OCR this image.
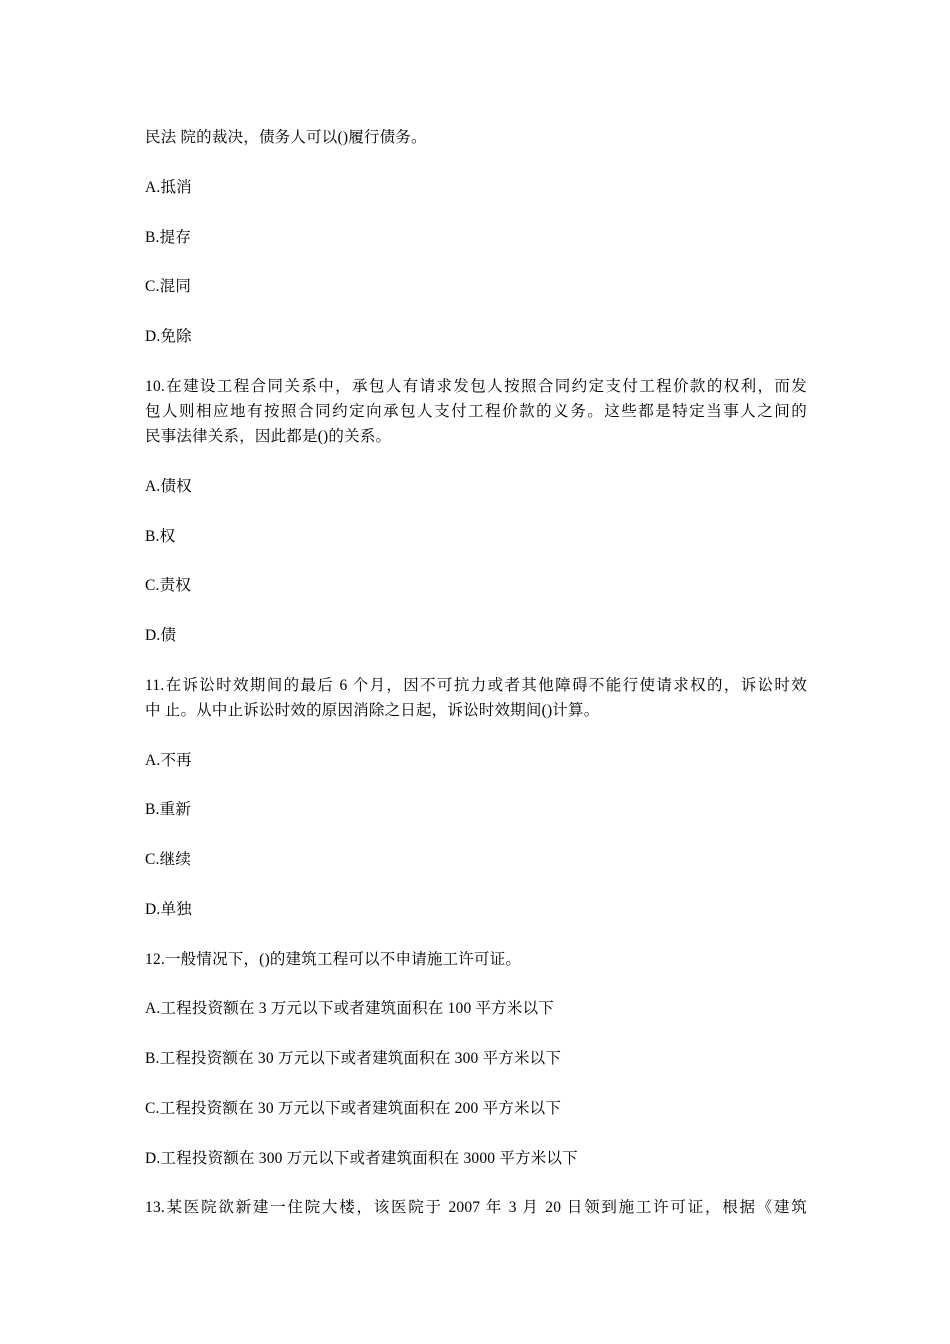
民法 院的裁决，债务人可以()履行债务。
A.抵消
B.提存
C.混同
D.免除
10.在建设工程合同关系中，承包人有请求发包人按照合同约定支付工程价款的权利，而发
包人则相应地有按照合同约定向承包人支付工程价款的义务。这些都是特定当事人之间的
民事法律关系，因此都是()的关系。
A.债权
B.权
C.责权
D.债
11.在诉讼时效期间的最后 6 个月，因不可抗力或者其他障碍不能行使请求权的，诉讼时效
中 止。从中止诉讼时效的原因消除之日起，诉讼时效期间()计算。
A.不再
B.重新
C.继续
D.单独
12.一般情况下，()的建筑工程可以不申请施工许可证。
A.工程投资额在 3 万元以下或者建筑面积在 100 平方米以下
B.工程投资额在 30 万元以下或者建筑面积在 300 平方米以下
C.工程投资额在 30 万元以下或者建筑面积在 200 平方米以下
D.工程投资额在 300 万元以下或者建筑面积在 3000 平方米以下
13.某医院欲新建一住院大楼，该医院于 2007 年 3 月 20 日领到施工许可证，根据《建筑
